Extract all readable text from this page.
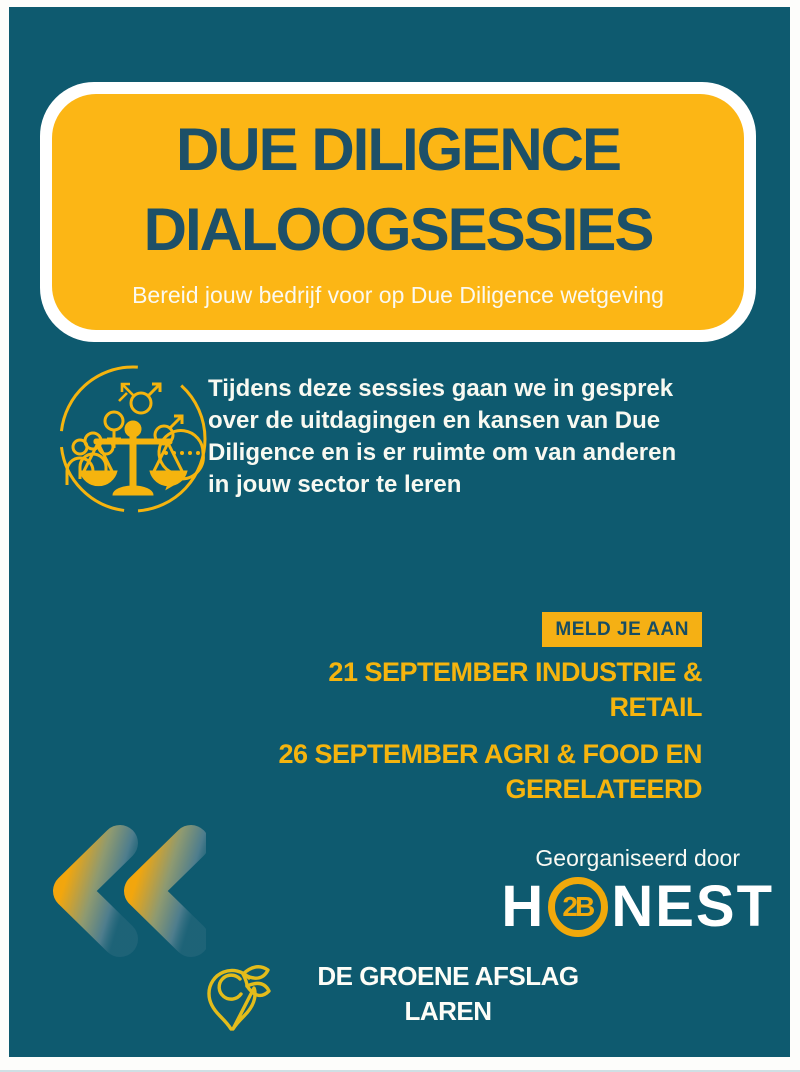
DUE DILIGENCE
DIALOOGSESSIES
Bereid jouw bedrijf voor op Due Diligence wetgeving
Tijdens deze sessies gaan we in gesprek
over de uitdagingen en kansen van Due
Diligence en is er ruimte om van anderen
in jouw sector te leren
MELD JE AAN
21 SEPTEMBER INDUSTRIE &
RETAIL
26 SEPTEMBER AGRI & FOOD EN
GERELATEERD
Georganiseerd door
H 2B NEST
DE GROENE AFSLAG
LAREN
